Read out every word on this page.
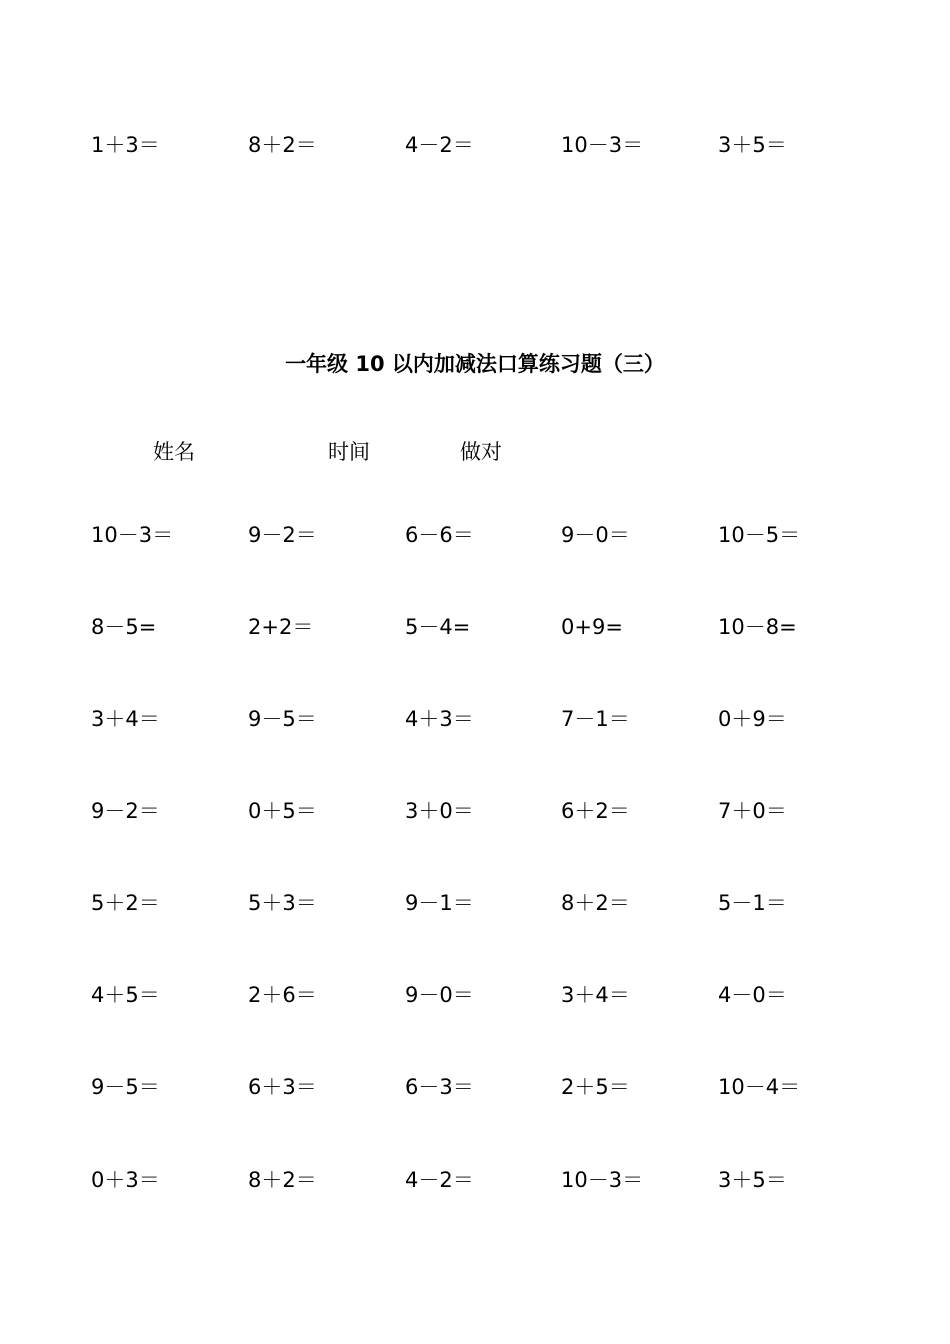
1＋3＝	8＋2＝	4－2＝	10－3＝	3＋5＝
一年级 10 以内加减法口算练习题（三）
姓名	时间	做对
10－3＝	9－2＝	6－6＝	9－0＝	10－5＝
8－5=	2+2＝	5－4=	0+9=	10－8=
3＋4＝	9－5＝	4＋3＝	7－1＝	0＋9＝
9－2＝	0＋5＝	3＋0＝	6＋2＝	7＋0＝
5＋2＝	5＋3＝	9－1＝	8＋2＝	5－1＝
4＋5＝	2＋6＝	9－0＝	3＋4＝	4－0＝
9－5＝	6＋3＝	6－3＝	2＋5＝	10－4＝
0＋3＝	8＋2＝	4－2＝	10－3＝	3＋5＝
